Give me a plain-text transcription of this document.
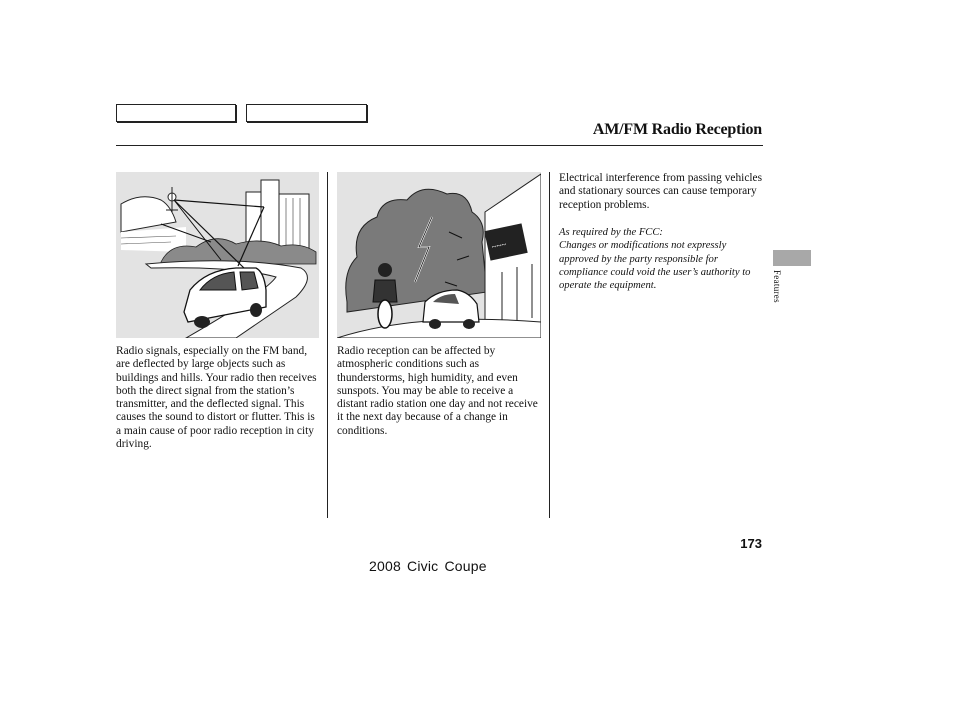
AM/FM Radio Reception
~~~
Radio signals, especially on the FM band, are deflected by large objects such as buildings and hills. Your radio then receives both the direct signal from the station’s transmitter, and the deflected signal. This causes the sound to distort or flutter. This is a main cause of poor radio reception in city driving.
Radio reception can be affected by atmospheric conditions such as thunderstorms, high humidity, and even sunspots. You may be able to receive a distant radio station one day and not receive it the next day because of a change in conditions.
Electrical interference from passing vehicles and stationary sources can cause temporary reception problems.
As required by the FCC:
Changes or modifications not expressly approved by the party responsible for compliance could void the user’s authority to operate the equipment.	Features
173
2008 Civic Coupe
